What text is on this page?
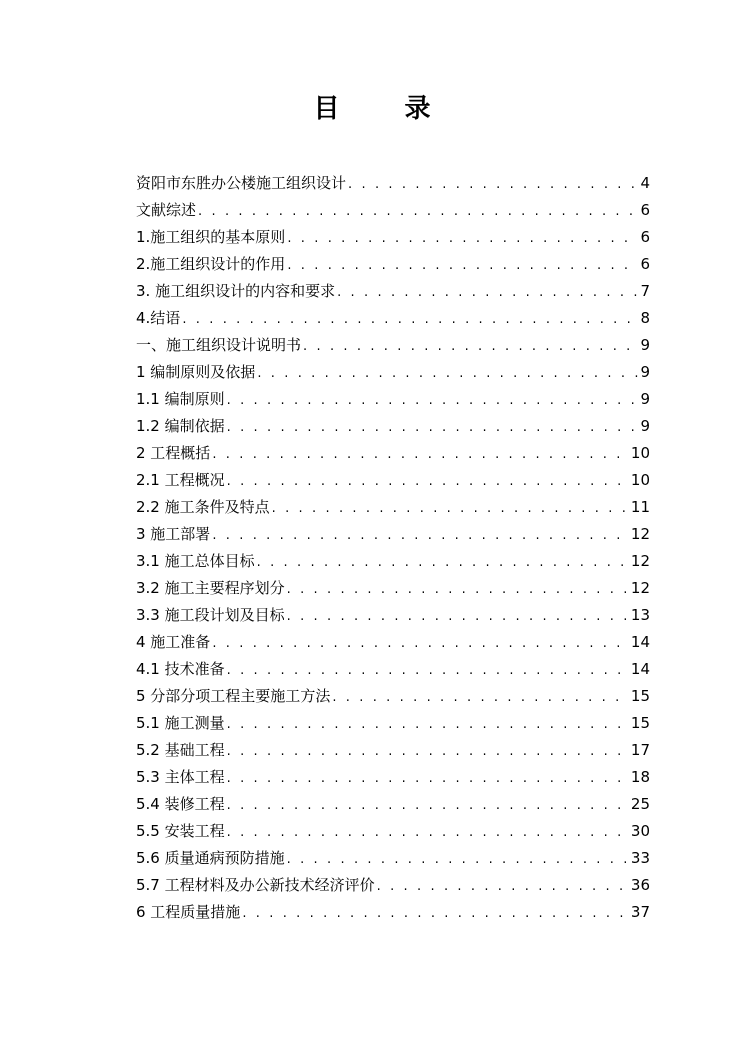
目 录
资阳市东胜办公楼施工组织设计 . . .	4
文献综述 . . .	6
1.施工组织的基本原则 . . .	6
2.施工组织设计的作用 . . .	6
3. 施工组织设计的内容和要求 . . .	7
4.结语 . . .	8
一、施工组织设计说明书 . . .	9
1 编制原则及依据 . . .	9
1.1 编制原则 . . .	9
1.2 编制依据 . . .	9
2 工程概括 . . .	10
2.1 工程概况 . . .	10
2.2 施工条件及特点 . . .	11
3 施工部署 . . .	12
3.1 施工总体目标 . . .	12
3.2 施工主要程序划分 . . .	12
3.3 施工段计划及目标 . . .	13
4 施工准备 . . .	14
4.1 技术准备 . . .	14
5 分部分项工程主要施工方法 . . .	15
5.1 施工测量 . . .	15
5.2 基础工程 . . .	17
5.3 主体工程 . . .	18
5.4 装修工程 . . .	25
5.5 安装工程 . . .	30
5.6 质量通病预防措施 . . .	33
5.7 工程材料及办公新技术经济评价 . . .	36
6 工程质量措施 . . .	37
